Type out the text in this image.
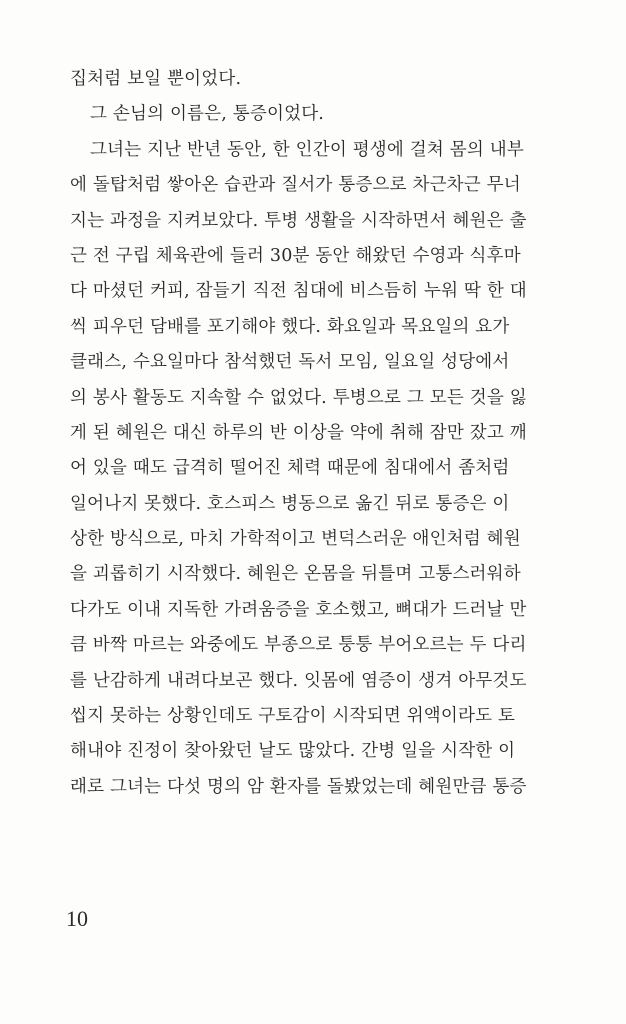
집처럼 보일 뿐이었다.
그 손님의 이름은, 통증이었다.
그녀는 지난 반년 동안, 한 인간이 평생에 걸쳐 몸의 내부
에 돌탑처럼 쌓아온 습관과 질서가 통증으로 차근차근 무너
지는 과정을 지켜보았다. 투병 생활을 시작하면서 혜원은 출
근 전 구립 체육관에 들러 30분 동안 해왔던 수영과 식후마
다 마셨던 커피, 잠들기 직전 침대에 비스듬히 누워 딱 한 대
씩 피우던 담배를 포기해야 했다. 화요일과 목요일의 요가
클래스, 수요일마다 참석했던 독서 모임, 일요일 성당에서
의 봉사 활동도 지속할 수 없었다. 투병으로 그 모든 것을 잃
게 된 혜원은 대신 하루의 반 이상을 약에 취해 잠만 잤고 깨
어 있을 때도 급격히 떨어진 체력 때문에 침대에서 좀처럼
일어나지 못했다. 호스피스 병동으로 옮긴 뒤로 통증은 이
상한 방식으로, 마치 가학적이고 변덕스러운 애인처럼 혜원
을 괴롭히기 시작했다. 혜원은 온몸을 뒤틀며 고통스러워하
다가도 이내 지독한 가려움증을 호소했고, 뼈대가 드러날 만
큼 바짝 마르는 와중에도 부종으로 퉁퉁 부어오르는 두 다리
를 난감하게 내려다보곤 했다. 잇몸에 염증이 생겨 아무것도
씹지 못하는 상황인데도 구토감이 시작되면 위액이라도 토
해내야 진정이 찾아왔던 날도 많았다. 간병 일을 시작한 이
래로 그녀는 다섯 명의 암 환자를 돌봤었는데 혜원만큼 통증
10
